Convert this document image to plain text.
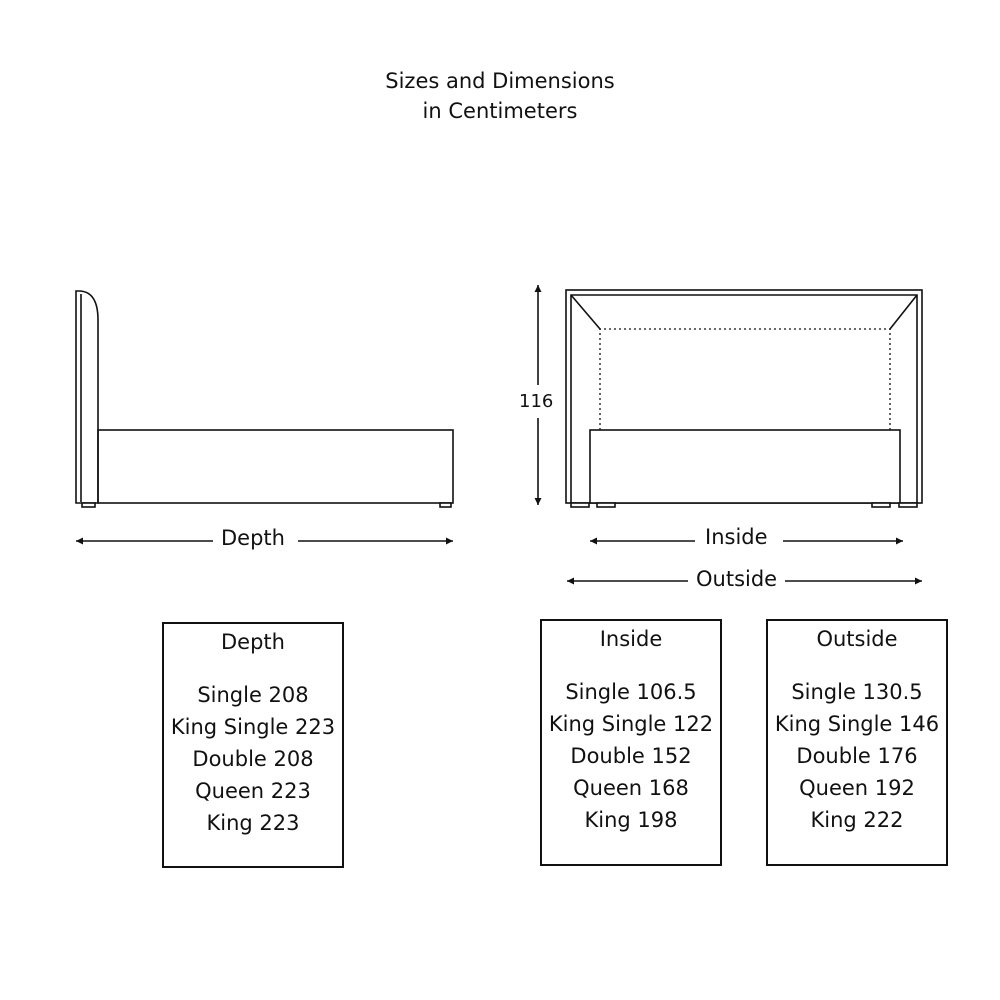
Sizes and Dimensions
in Centimeters
Depth
116
Inside
Outside
Depth
Single 208
King Single 223
Double 208
Queen 223
King 223
Inside
Single 106.5
King Single 122
Double 152
Queen 168
King 198
Outside
Single 130.5
King Single 146
Double 176
Queen 192
King 222
